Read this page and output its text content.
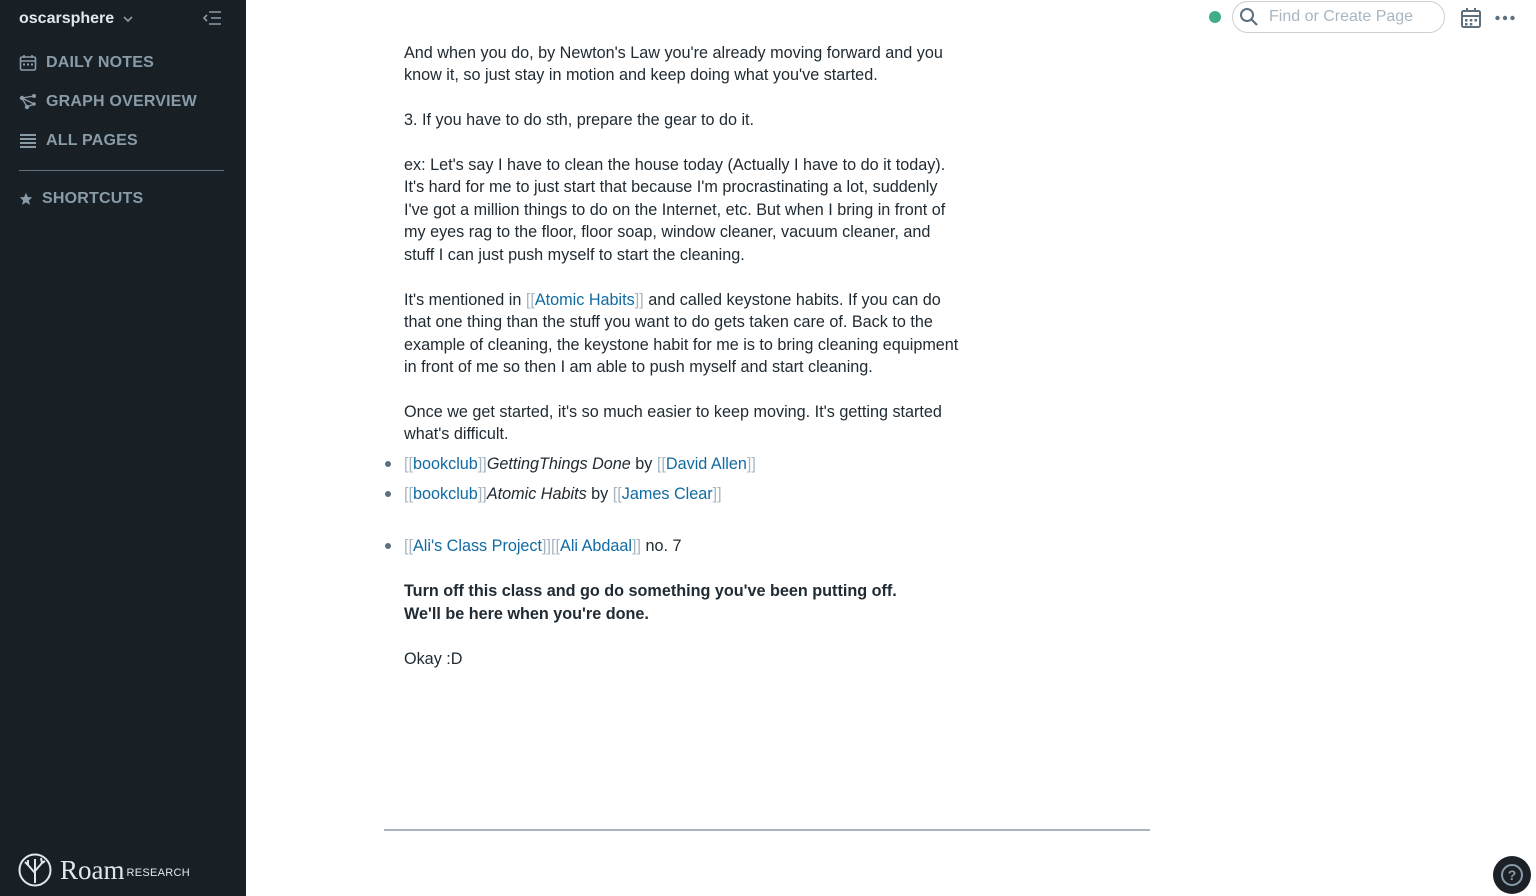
oscarsphere
DAILY NOTES
GRAPH OVERVIEW
ALL PAGES
SHORTCUTS
Roam RESEARCH
Find or Create Page

And when you do, by Newton's Law you're already moving forward and you know it, so just stay in motion and keep doing what you've started.

3. If you have to do sth, prepare the gear to do it.

ex: Let's say I have to clean the house today (Actually I have to do it today). It's hard for me to just start that because I'm procrastinating a lot, suddenly I've got a million things to do on the Internet, etc. But when I bring in front of my eyes rag to the floor, floor soap, window cleaner, vacuum cleaner, and stuff I can just push myself to start the cleaning.

It's mentioned in [[Atomic Habits]] and called keystone habits. If you can do that one thing than the stuff you want to do gets taken care of. Back to the example of cleaning, the keystone habit for me is to bring cleaning equipment in front of me so then I am able to push myself and start cleaning.

Once we get started, it's so much easier to keep moving. It's getting started what's difficult.

[[ bookclub ]] GettingThings Done
by
[[ David Allen ]]
[[ bookclub ]] Atomic Habits
by
[[ James Clear ]]
[[ Ali's Class Project ]] [[ Ali Abdaal ]]
no. 7

Turn off this class and go do something you've been putting off.

We'll be here when you're done.

Okay :D

?
